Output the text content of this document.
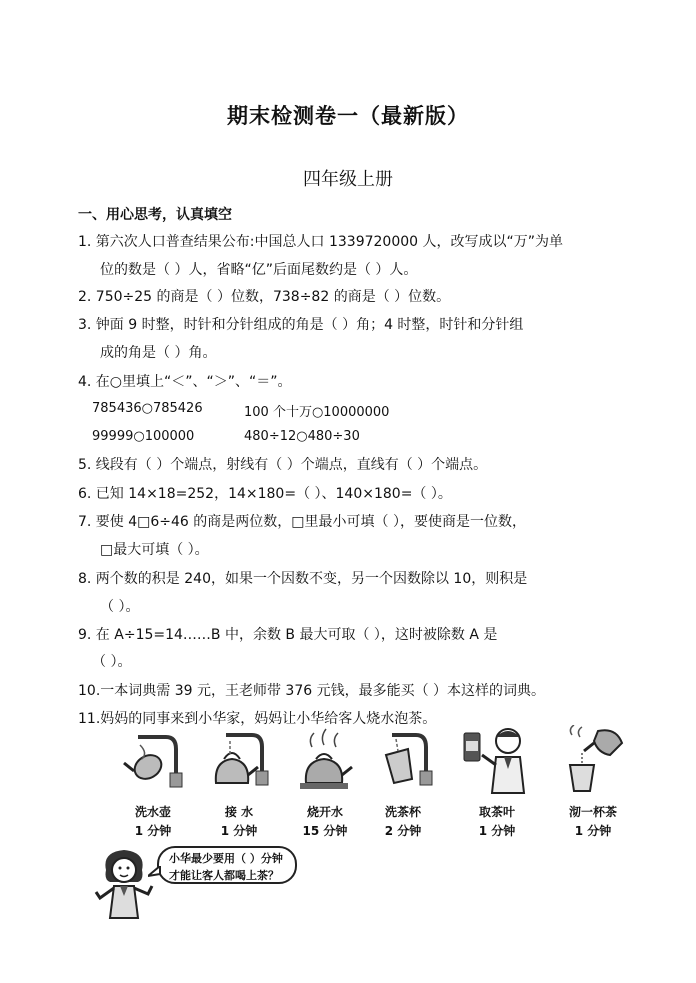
期末检测卷一（最新版）
四年级上册
一、用心思考，认真填空
1. 第六次人口普查结果公布:中国总人口 1339720000 人，改写成以“万”为单
位的数是（ ）人，省略“亿”后面尾数约是（ ）人。
2. 750÷25 的商是（ ）位数，738÷82 的商是（ ）位数。
3. 钟面 9 时整，时针和分针组成的角是（ ）角；4 时整，时针和分针组
成的角是（ ）角。
4. 在○里填上“＜”、“＞”、“＝”。
785436○785426	100 个十万○10000000
99999○100000	480÷12○480÷30
5. 线段有（ ）个端点，射线有（ ）个端点，直线有（ ）个端点。
6. 已知 14×18=252，14×180=（ ）、140×180=（ ）。
7. 要使 4□6÷46 的商是两位数，□里最小可填（ ），要使商是一位数，
□最大可填（ ）。
8. 两个数的积是 240，如果一个因数不变，另一个因数除以 10，则积是
（ ）。
9. 在 A÷15=14……B 中，余数 B 最大可取（ ），这时被除数 A 是
（ ）。
10.一本词典需 39 元，王老师带 376 元钱，最多能买（ ）本这样的词典。
11.妈妈的同事来到小华家，妈妈让小华给客人烧水泡茶。
洗水壶
1 分钟
接 水
1 分钟
烧开水
15 分钟
洗茶杯
2 分钟
取茶叶
1 分钟
沏一杯茶
1 分钟
小华最少要用（ ）分钟
才能让客人都喝上茶？
